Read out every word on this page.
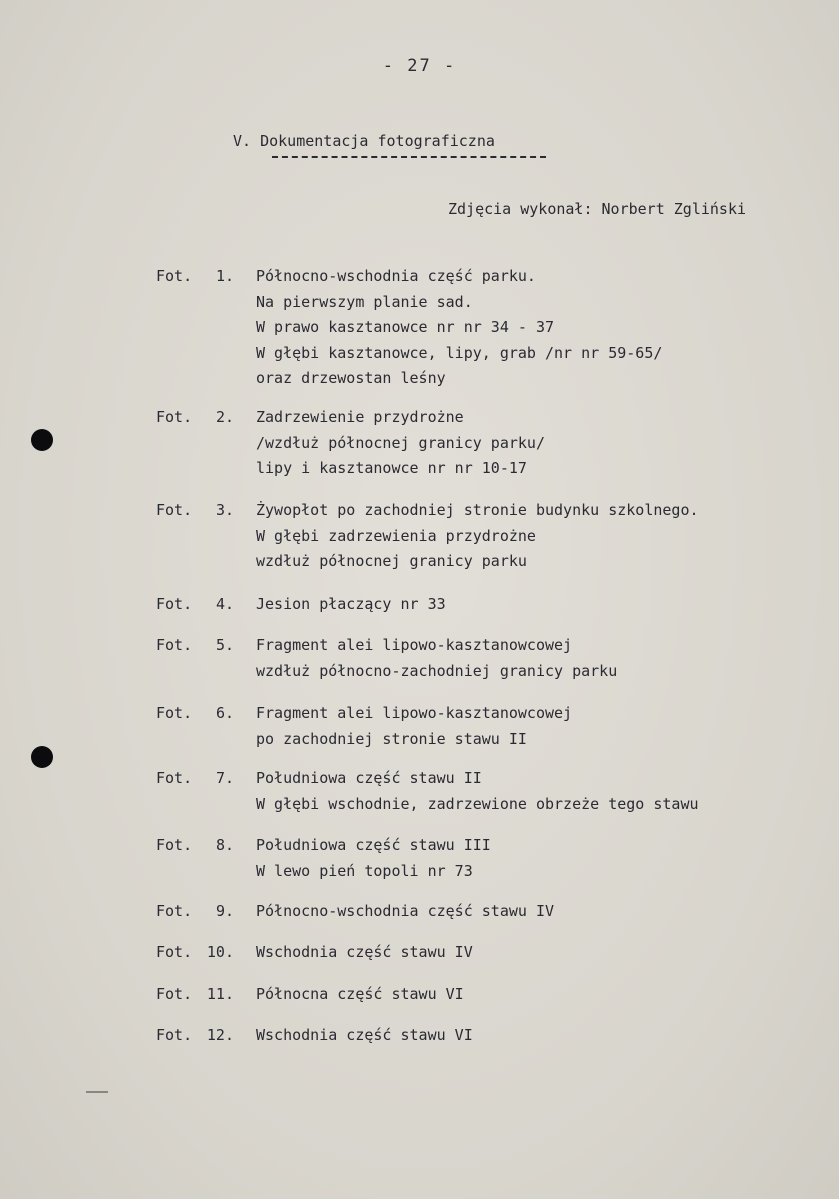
- 27 -
V. Dokumentacja fotograficzna
Zdjęcia wykonał: Norbert Zgliński
Fot.	1. Północno-wschodnia część parku.
Na pierwszym planie sad.
W prawo kasztanowce nr nr 34 - 37
W głębi kasztanowce, lipy, grab /nr nr 59-65/
oraz drzewostan leśny
Fot.	2. Zadrzewienie przydrożne
/wzdłuż północnej granicy parku/
lipy i kasztanowce nr nr 10-17
Fot.	3. Żywopłot po zachodniej stronie budynku szkolnego.
W głębi zadrzewienia przydrożne
wzdłuż północnej granicy parku
Fot.	4. Jesion płaczący nr 33
Fot.	5. Fragment alei lipowo-kasztanowcowej
wzdłuż północno-zachodniej granicy parku
Fot.	6. Fragment alei lipowo-kasztanowcowej
po zachodniej stronie stawu II
Fot.	7. Południowa część stawu II
W głębi wschodnie, zadrzewione obrzeże tego stawu
Fot.	8. Południowa część stawu III
W lewo pień topoli nr 73
Fot.	9. Północno-wschodnia część stawu IV
Fot. 10. Wschodnia część stawu IV
Fot. 11. Północna część stawu VI
Fot. 12. Wschodnia część stawu VI
